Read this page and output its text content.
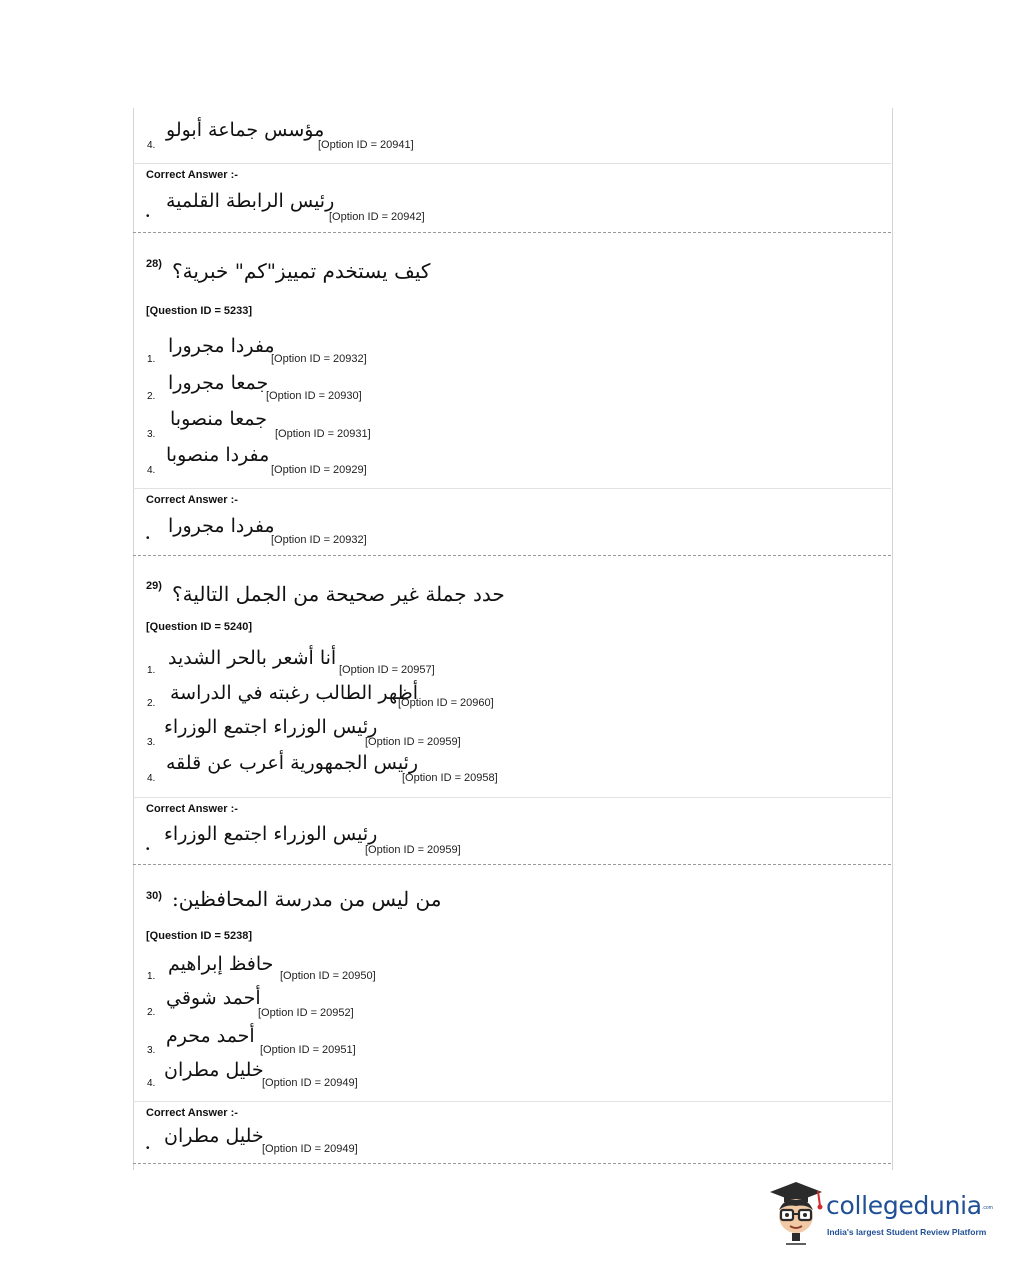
4.
مؤسس جماعة أبولو
[Option ID = 20941]
Correct Answer :-
•
رئيس الرابطة القلمية
[Option ID = 20942]
28) كيف يستخدم تمييز"كم" خبرية؟
[Question ID = 5233]
1.
مفردا مجرورا
[Option ID = 20932]
2.
جمعا مجرورا
[Option ID = 20930]
3.
جمعا منصوبا
[Option ID = 20931]
4.
مفردا منصوبا
[Option ID = 20929]
Correct Answer :-
•
مفردا مجرورا
[Option ID = 20932]
29) حدد جملة غير صحيحة من الجمل التالية؟
[Question ID = 5240]
1.
أنا أشعر بالحر الشديد
[Option ID = 20957]
2. أظهر الطالب رغبته في الدراسة
[Option ID = 20960]
3.
رئيس الوزراء اجتمع الوزراء
[Option ID = 20959]
4.
رئيس الجمهورية أعرب عن قلقه
[Option ID = 20958]
Correct Answer :-
•
رئيس الوزراء اجتمع الوزراء
[Option ID = 20959]
30) من ليس من مدرسة المحافظين:
[Question ID = 5238]
1.
حافظ إبراهيم
[Option ID = 20950]
2.
أحمد شوقي
[Option ID = 20952]
3.
أحمد محرم
[Option ID = 20951]
4.
خليل مطران
[Option ID = 20949]
Correct Answer :-
•
خليل مطران
[Option ID = 20949]
collegedunia .com
India's largest Student Review Platform
